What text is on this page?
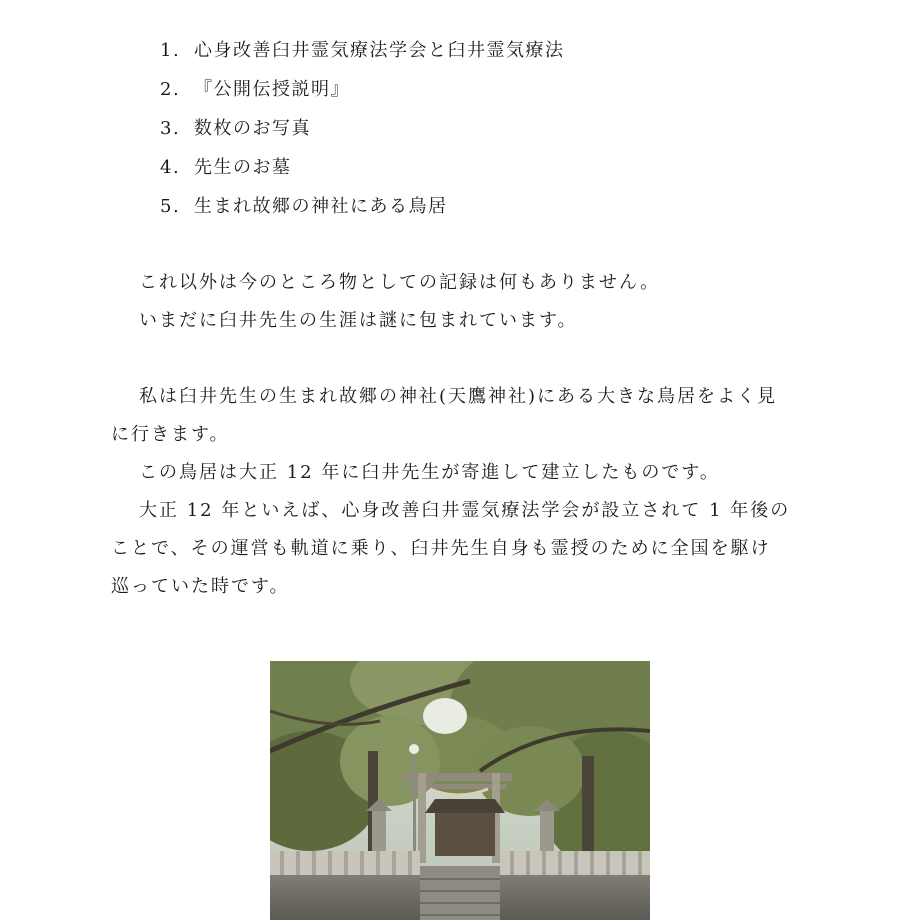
1. 心身改善臼井霊気療法学会と臼井霊気療法
2. 『公開伝授説明』
3. 数枚のお写真
4. 先生のお墓
5. 生まれ故郷の神社にある鳥居
これ以外は今のところ物としての記録は何もありません。
いまだに臼井先生の生涯は謎に包まれています。
私は臼井先生の生まれ故郷の神社(天鷹神社)にある大きな鳥居をよく見
に行きます。
この鳥居は大正 12 年に臼井先生が寄進して建立したものです。
大正 12 年といえば、心身改善臼井霊気療法学会が設立されて 1 年後の
ことで、その運営も軌道に乗り、臼井先生自身も霊授のために全国を駆け
巡っていた時です。
